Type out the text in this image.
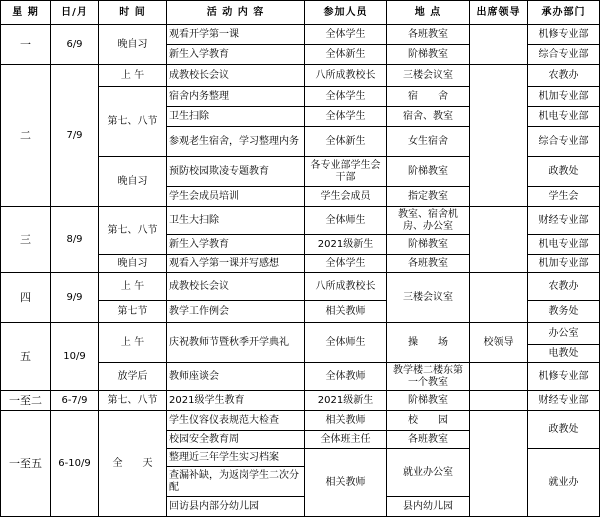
星 期	日/月	时 间	活 动 内 容	参加人员	地 点	出席领导	承办部门
一	6/9	晚自习	观看开学第一课	全体学生	各班教室		机修专业部
			新生入学教育	全体新生	阶梯教室		综合专业部
二	7/9	上 午	成教校长会议	八所成教校长	三楼会议室		农教办
		第七、八节	宿舍内务整理	全体学生	宿　　舍		机加专业部
			卫生扫除	全体学生	宿舍、教室		机电专业部
			参观老生宿舍，学习整理内务	全体新生	女生宿舍		综合专业部
		晚自习	预防校园欺凌专题教育	各专业部学生会干部	阶梯教室		政教处
			学生会成员培训	学生会成员	指定教室		学生会
三	8/9	第七、八节	卫生大扫除	全体师生	教室、宿舍机房、办公室		财经专业部
			新生入学教育	2021级新生	阶梯教室		机电专业部
		晚自习	观看入学第一课并写感想	全体学生	各班教室		机加专业部
四	9/9	上 午	成教校长会议	八所成教校长	三楼会议室		农教办
		第七节	教学工作例会	相关教师			教务处
五	10/9	上 午	庆祝教师节暨秋季开学典礼	全体师生	操　　场	校领导	办公室
							电教处
		放学后	教师座谈会	全体教师	教学楼二楼东第一个教室		机修专业部
一至二	6-7/9	第七、八节	2021级学生教育	2021级新生	阶梯教室		财经专业部
一至五	6-10/9	全　　天	学生仪容仪表规范大检查	相关教师	校　　园		政教处
			校园安全教育周	全体班主任	各班教室		
			整理近三年学生实习档案	相关教师	就业办公室		就业办
			查漏补缺，为返岗学生二次分配				
			回访县内部分幼儿园		县内幼儿园		
